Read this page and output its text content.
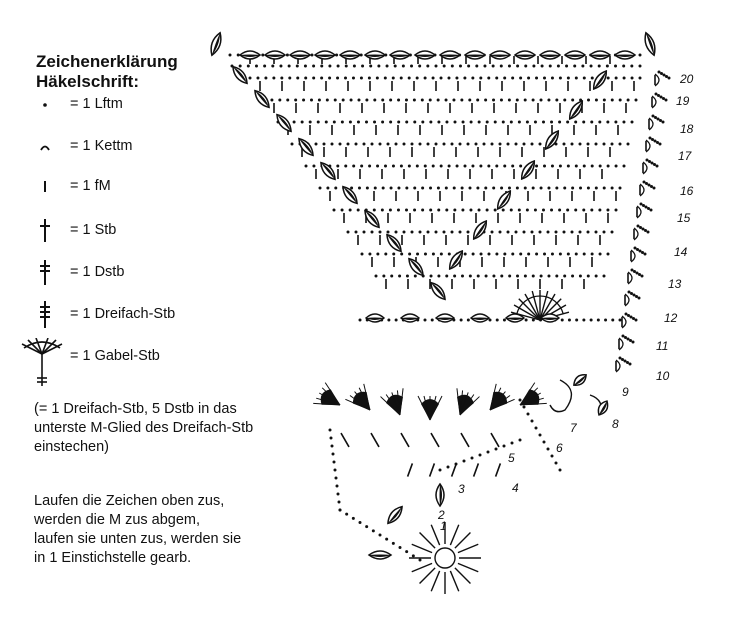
Zeichenerklärung
Häkelschrift:
= 1 Lftm
= 1 Kettm
= 1 fM
= 1 Stb
= 1 Dstb
= 1 Dreifach-Stb
= 1 Gabel-Stb
(= 1 Dreifach-Stb, 5 Dstb in das
unterste M-Glied des Dreifach-Stb
einstechen)
Laufen die Zeichen oben zus,
werden die M zus abgem,
laufen sie unten zus, werden sie
in 1 Einstichstelle gearb.
1
2
3	4
5
6
7	8
9
10
11
12
13
14
15
16
17
18
19
20
